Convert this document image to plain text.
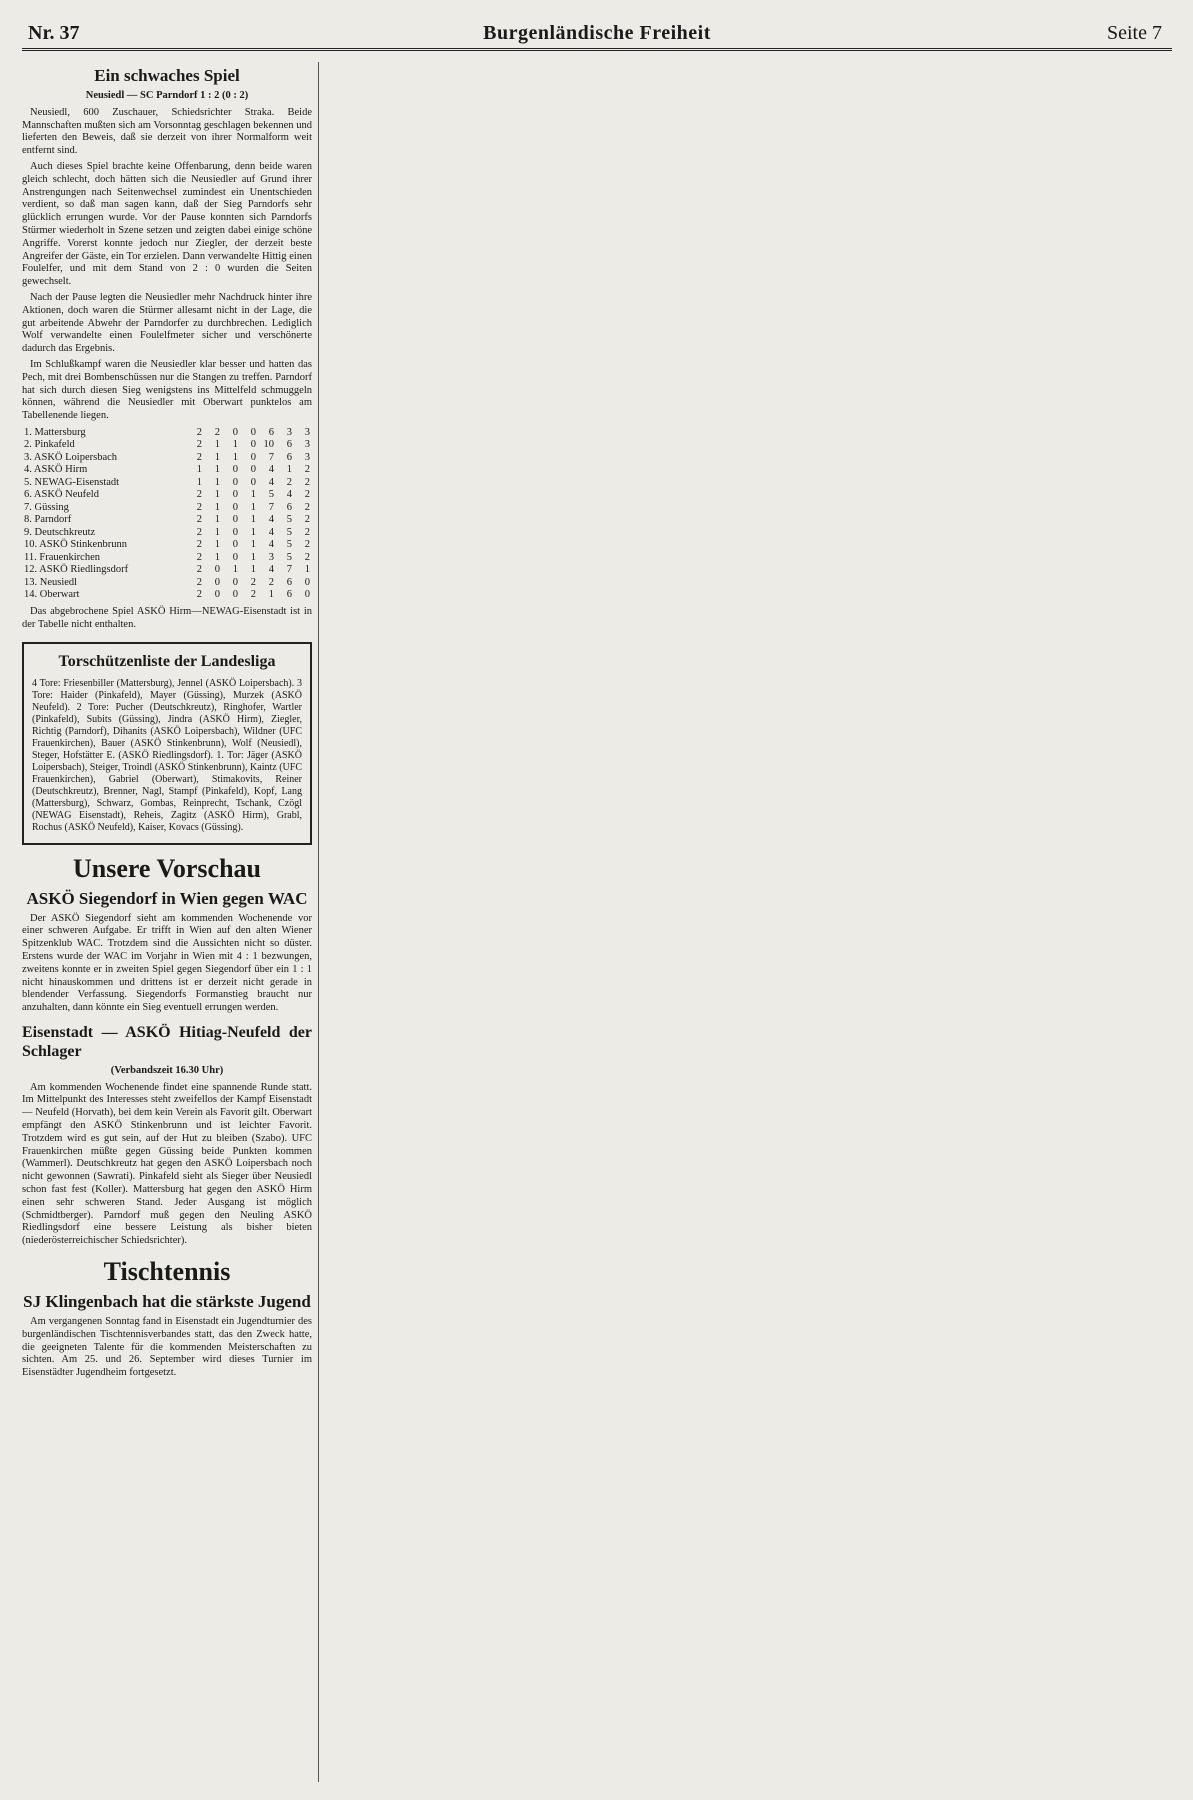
Nr. 37	Burgenländische Freiheit	Seite 7
Ein schwaches Spiel
Neusiedl — SC Parndorf 1 : 2 (0 : 2)

Neusiedl, 600 Zuschauer, Schiedsrichter Straka. Beide Mannschaften mußten sich am Vorsonntag geschlagen bekennen und lieferten den Beweis, daß sie derzeit von ihrer Normalform weit entfernt sind.

Auch dieses Spiel brachte keine Offenbarung, denn beide waren gleich schlecht, doch hätten sich die Neusiedler auf Grund ihrer Anstrengungen nach Seitenwechsel zumindest ein Unentschieden verdient, so daß man sagen kann, daß der Sieg Parndorfs sehr glücklich errungen wurde. Vor der Pause konnten sich Parndorfs Stürmer wiederholt in Szene setzen und zeigten dabei einige schöne Angriffe. Vorerst konnte jedoch nur Ziegler, der derzeit beste Angreifer der Gäste, ein Tor erzielen. Dann verwandelte Hittig einen Foulelfer, und mit dem Stand von 2 : 0 wurden die Seiten gewechselt.

Nach der Pause legten die Neusiedler mehr Nachdruck hinter ihre Aktionen, doch waren die Stürmer allesamt nicht in der Lage, die gut arbeitende Abwehr der Parndorfer zu durchbrechen. Lediglich Wolf verwandelte einen Foulelfmeter sicher und verschönerte dadurch das Ergebnis.

Im Schlußkampf waren die Neusiedler klar besser und hatten das Pech, mit drei Bombenschüssen nur die Stangen zu treffen. Parndorf hat sich durch diesen Sieg wenigstens ins Mittelfeld schmuggeln können, während die Neusiedler mit Oberwart punktelos am Tabellenende liegen.

1. Mattersburg	2	2	0	0	6	3	3
2. Pinkafeld	2	1	1	0	10	6	3
3. ASKÖ Loipersbach	2	1	1	0	7	6	3
4. ASKÖ Hirm	1	1	0	0	4	1	2
5. NEWAG-Eisenstadt	1	1	0	0	4	2	2
6. ASKÖ Neufeld	2	1	0	1	5	4	2
7. Güssing	2	1	0	1	7	6	2
8. Parndorf	2	1	0	1	4	5	2
9. Deutschkreutz	2	1	0	1	4	5	2
10. ASKÖ Stinkenbrunn	2	1	0	1	4	5	2
11. Frauenkirchen	2	1	0	1	3	5	2
12. ASKÖ Riedlingsdorf	2	0	1	1	4	7	1
13. Neusiedl	2	0	0	2	2	6	0
14. Oberwart	2	0	0	2	1	6	0

Das abgebrochene Spiel ASKÖ Hirm—NEWAG-Eisenstadt ist in der Tabelle nicht enthalten.

Torschützenliste der Landesliga

4 Tore: Friesenbiller (Mattersburg), Jennel (ASKÖ Loipersbach). 3 Tore: Haider (Pinkafeld), Mayer (Güssing), Murzek (ASKÖ Neufeld). 2 Tore: Pucher (Deutschkreutz), Ringhofer, Wartler (Pinkafeld), Subits (Güssing), Jindra (ASKÖ Hirm), Ziegler, Richtig (Parndorf), Dihanits (ASKÖ Loipersbach), Wildner (UFC Frauenkirchen), Bauer (ASKÖ Stinkenbrunn), Wolf (Neusiedl), Steger, Hofstätter E. (ASKÖ Riedlingsdorf). 1. Tor: Jäger (ASKÖ Loipersbach), Steiger, Troindl (ASKÖ Stinkenbrunn), Kaintz (UFC Frauenkirchen), Gabriel (Oberwart), Stimakovits, Reiner (Deutschkreutz), Brenner, Nagl, Stampf (Pinkafeld), Kopf, Lang (Mattersburg), Schwarz, Gombas, Reinprecht, Tschank, Czögl (NEWAG Eisenstadt), Reheis, Zagitz (ASKÖ Hirm), Grabl, Rochus (ASKÖ Neufeld), Kaiser, Kovacs (Güssing).

Unsere Vorschau
ASKÖ Siegendorf in Wien gegen WAC

Der ASKÖ Siegendorf sieht am kommenden Wochenende vor einer schweren Aufgabe. Er trifft in Wien auf den alten Wiener Spitzenklub WAC. Trotzdem sind die Aussichten nicht so düster. Erstens wurde der WAC im Vorjahr in Wien mit 4 : 1 bezwungen, zweitens konnte er in zweiten Spiel gegen Siegendorf über ein 1 : 1 nicht hinauskommen und drittens ist er derzeit nicht gerade in blendender Verfassung. Siegendorfs Formanstieg braucht nur anzuhalten, dann könnte ein Sieg eventuell errungen werden.

Eisenstadt — ASKÖ Hitiag-Neufeld der Schlager
(Verbandszeit 16.30 Uhr)

Am kommenden Wochenende findet eine spannende Runde statt. Im Mittelpunkt des Interesses steht zweifellos der Kampf Eisenstadt — Neufeld (Horvath), bei dem kein Verein als Favorit gilt. Oberwart empfängt den ASKÖ Stinkenbrunn und ist leichter Favorit. Trotzdem wird es gut sein, auf der Hut zu bleiben (Szabo). UFC Frauenkirchen müßte gegen Güssing beide Punkten kommen (Wammerl). Deutschkreutz hat gegen den ASKÖ Loipersbach noch nicht gewonnen (Sawrati). Pinkafeld sieht als Sieger über Neusiedl schon fast fest (Koller). Mattersburg hat gegen den ASKÖ Hirm einen sehr schweren Stand. Jeder Ausgang ist möglich (Schmidtberger). Parndorf muß gegen den Neuling ASKÖ Riedlingsdorf eine bessere Leistung als bisher bieten (niederösterreichischer Schiedsrichter).

Tischtennis
SJ Klingenbach hat die stärkste Jugend

Am vergangenen Sonntag fand in Eisenstadt ein Jugendturnier des burgenländischen Tischtennisverbandes statt, das den Zweck hatte, die geeigneten Talente für die kommenden Meisterschaften zu sichten. Am 25. und 26. September wird dieses Turnier im Eisenstädter Jugendheim fortgesetzt.
